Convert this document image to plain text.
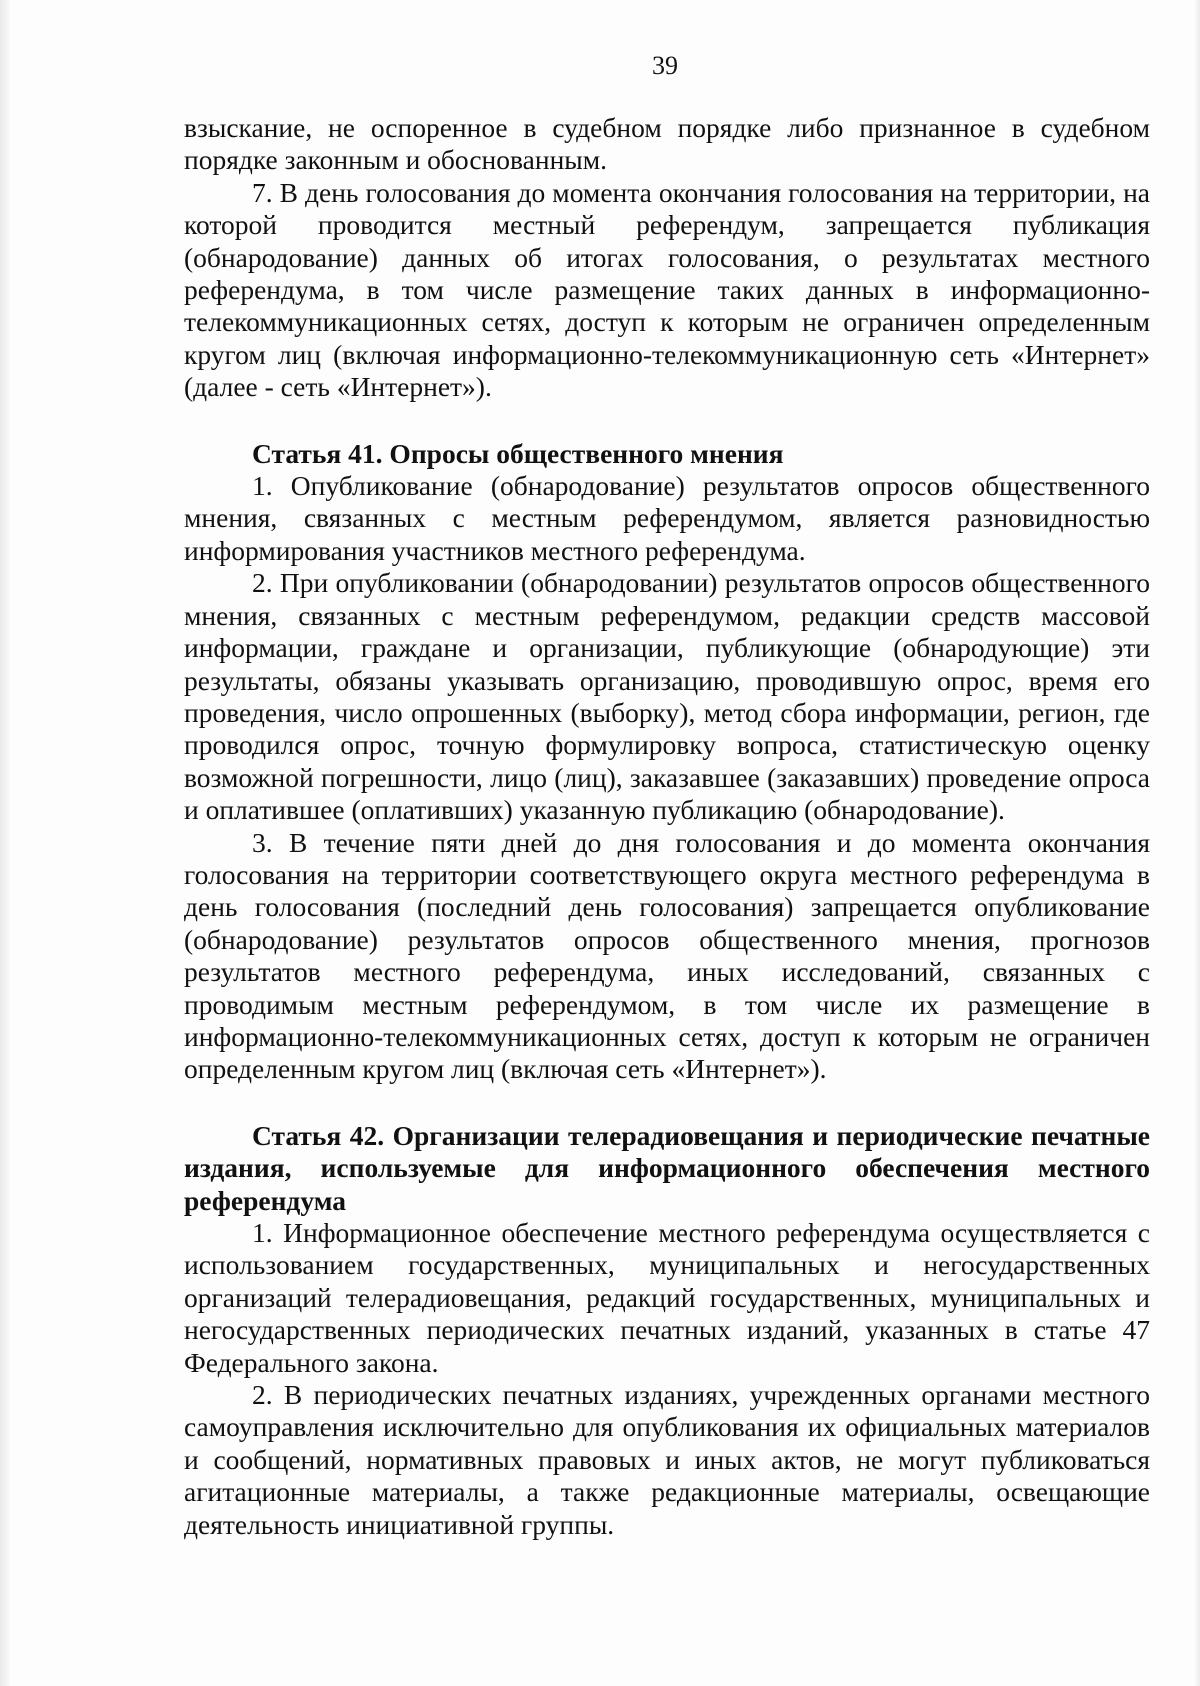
39

взыскание, не оспоренное в судебном порядке либо признанное в судебном порядке законным и обоснованным.

7. В день голосования до момента окончания голосования на территории, на которой проводится местный референдум, запрещается публикация (обнародование) данных об итогах голосования, о результатах местного референдума, в том числе размещение таких данных в информационно-телекоммуникационных сетях, доступ к которым не ограничен определенным кругом лиц (включая информационно-телекоммуникационную сеть «Интернет» (далее - сеть «Интернет»).

Статья 41. Опросы общественного мнения

1. Опубликование (обнародование) результатов опросов общественного мнения, связанных с местным референдумом, является разновидностью информирования участников местного референдума.

2. При опубликовании (обнародовании) результатов опросов общественного мнения, связанных с местным референдумом, редакции средств массовой информации, граждане и организации, публикующие (обнародующие) эти результаты, обязаны указывать организацию, проводившую опрос, время его проведения, число опрошенных (выборку), метод сбора информации, регион, где проводился опрос, точную формулировку вопроса, статистическую оценку возможной погрешности, лицо (лиц), заказавшее (заказавших) проведение опроса и оплатившее (оплативших) указанную публикацию (обнародование).

3. В течение пяти дней до дня голосования и до момента окончания голосования на территории соответствующего округа местного референдума в день голосования (последний день голосования) запрещается опубликование (обнародование) результатов опросов общественного мнения, прогнозов результатов местного референдума, иных исследований, связанных с проводимым местным референдумом, в том числе их размещение в информационно-телекоммуникационных сетях, доступ к которым не ограничен определенным кругом лиц (включая сеть «Интернет»).

Статья 42. Организации телерадиовещания и периодические печатные издания, используемые для информационного обеспечения местного референдума

1. Информационное обеспечение местного референдума осуществляется с использованием государственных, муниципальных и негосударственных организаций телерадиовещания, редакций государственных, муниципальных и негосударственных периодических печатных изданий, указанных в статье 47 Федерального закона.

2. В периодических печатных изданиях, учрежденных органами местного самоуправления исключительно для опубликования их официальных материалов и сообщений, нормативных правовых и иных актов, не могут публиковаться агитационные материалы, а также редакционные материалы, освещающие деятельность инициативной группы.
